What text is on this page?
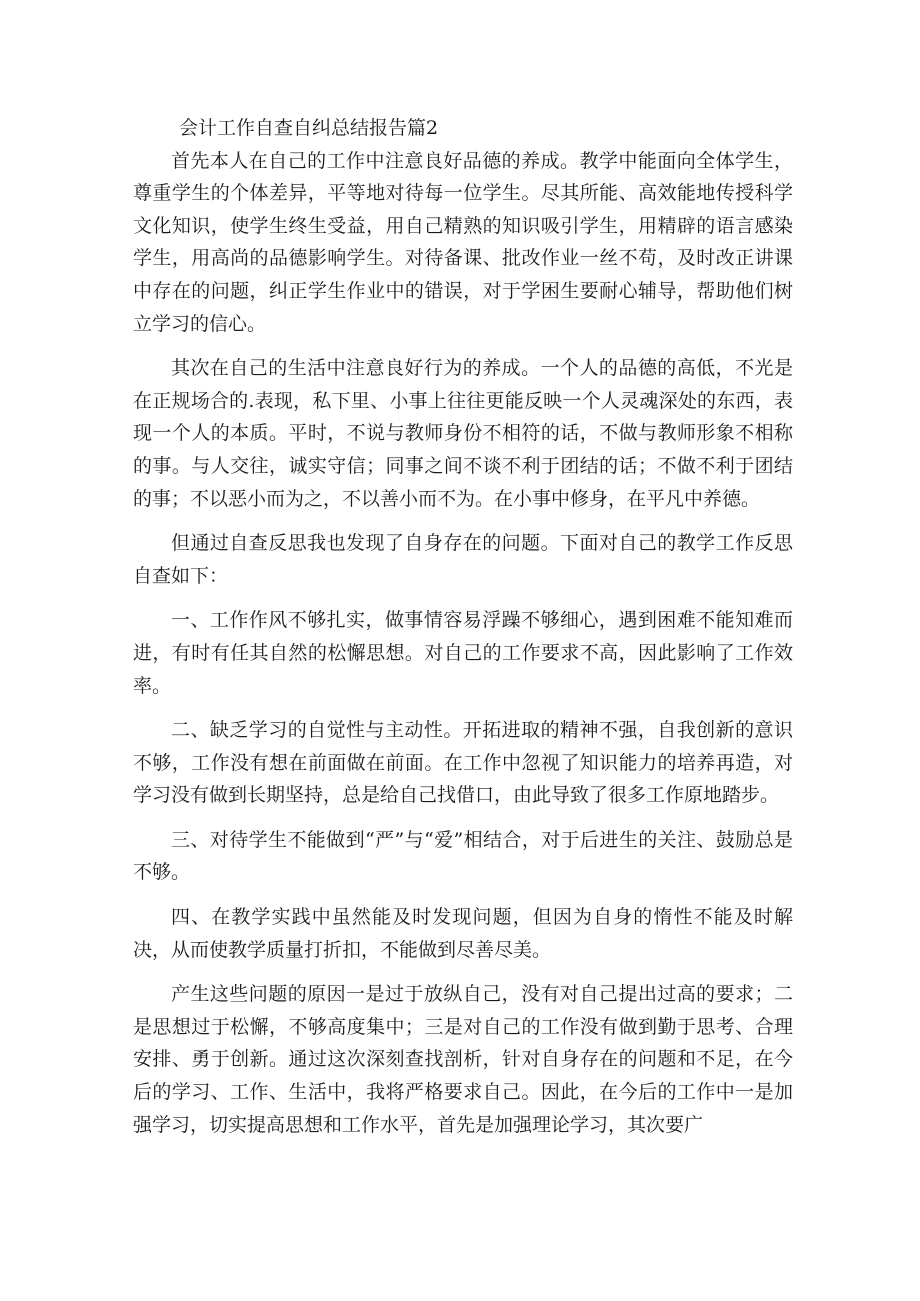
会计工作自查自纠总结报告篇2

首先本人在自己的工作中注意良好品德的养成。教学中能面向全体学生，尊重学生的个体差异，平等地对待每一位学生。尽其所能、高效能地传授科学文化知识，使学生终生受益，用自己精熟的知识吸引学生，用精辟的语言感染学生，用高尚的品德影响学生。对待备课、批改作业一丝不苟，及时改正讲课中存在的问题，纠正学生作业中的错误，对于学困生要耐心辅导，帮助他们树立学习的信心。

其次在自己的生活中注意良好行为的养成。一个人的品德的高低，不光是在正规场合的.表现，私下里、小事上往往更能反映一个人灵魂深处的东西，表现一个人的本质。平时，不说与教师身份不相符的话，不做与教师形象不相称的事。与人交往，诚实守信；同事之间不谈不利于团结的话；不做不利于团结的事；不以恶小而为之，不以善小而不为。在小事中修身，在平凡中养德。

但通过自查反思我也发现了自身存在的问题。下面对自己的教学工作反思自查如下：

一、工作作风不够扎实，做事情容易浮躁不够细心，遇到困难不能知难而进，有时有任其自然的松懈思想。对自己的工作要求不高，因此影响了工作效率。

二、缺乏学习的自觉性与主动性。开拓进取的精神不强，自我创新的意识不够，工作没有想在前面做在前面。在工作中忽视了知识能力的培养再造，对学习没有做到长期坚持，总是给自己找借口，由此导致了很多工作原地踏步。

三、对待学生不能做到“严”与“爱”相结合，对于后进生的关注、鼓励总是不够。

四、在教学实践中虽然能及时发现问题，但因为自身的惰性不能及时解决，从而使教学质量打折扣，不能做到尽善尽美。

产生这些问题的原因一是过于放纵自己，没有对自己提出过高的要求；二是思想过于松懈，不够高度集中；三是对自己的工作没有做到勤于思考、合理安排、勇于创新。通过这次深刻查找剖析，针对自身存在的问题和不足，在今后的学习、工作、生活中，我将严格要求自己。因此，在今后的工作中一是加强学习，切实提高思想和工作水平，首先是加强理论学习，其次要广
